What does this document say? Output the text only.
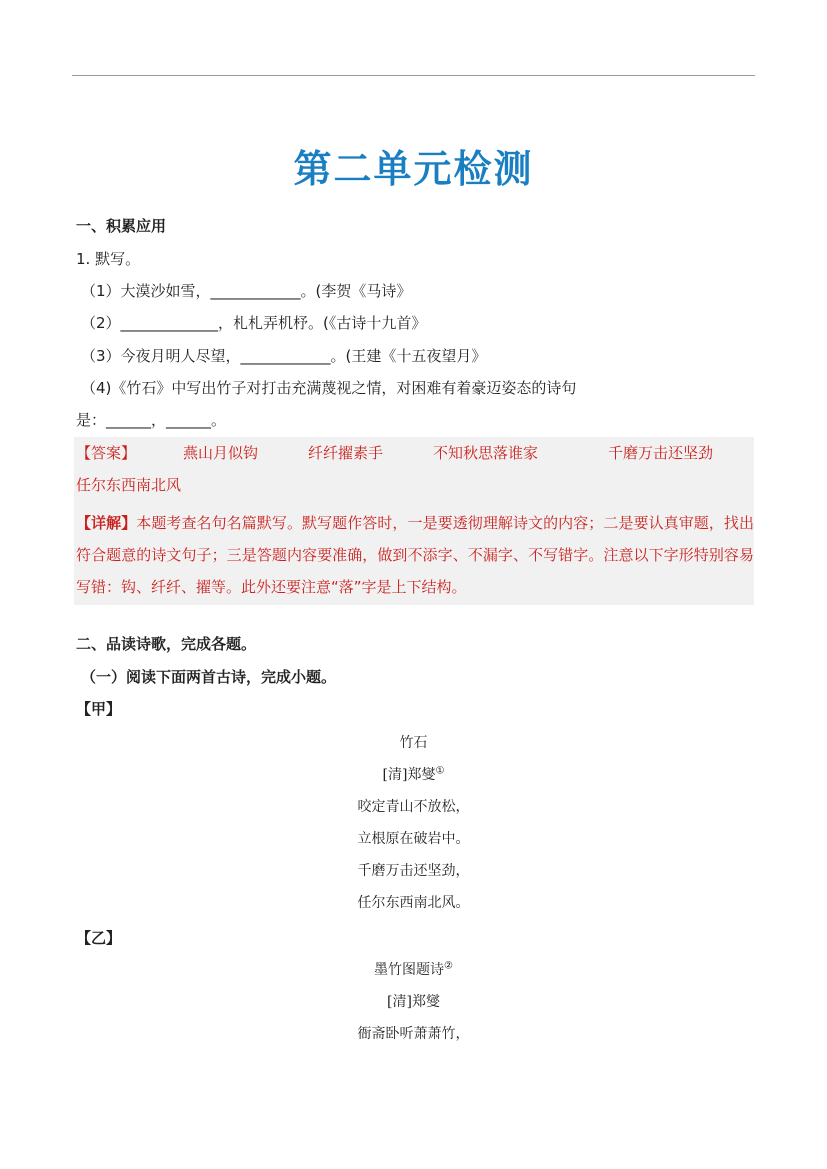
第二单元检测
一、积累应用
1. 默写。
（1）大漠沙如雪，____________。(李贺《马诗》
（2）_____________，札札弄机杼。(《古诗十九首》
（3）今夜月明人尽望，____________。(王建《十五夜望月》
（4)《竹石》中写出竹子对打击充满蔑视之情，对困难有着豪迈姿态的诗句
是：______，______。
【答案】	燕山月似钩	纤纤擢素手	不知秋思落谁家	千磨万击还坚劲
任尔东西南北风
【详解】本题考查名句名篇默写。默写题作答时，一是要透彻理解诗文的内容；二是要认真审题，找出符合题意的诗文句子；三是答题内容要准确，做到不添字、不漏字、不写错字。注意以下字形特别容易写错：钩、纤纤、擢等。此外还要注意“落”字是上下结构。
二、品读诗歌，完成各题。
（一）阅读下面两首古诗，完成小题。
【甲】
竹石
[清]郑燮①
咬定青山不放松，
立根原在破岩中。
千磨万击还坚劲，
任尔东西南北风。
【乙】
墨竹图题诗②
[清]郑燮
衙斋卧听萧萧竹，
